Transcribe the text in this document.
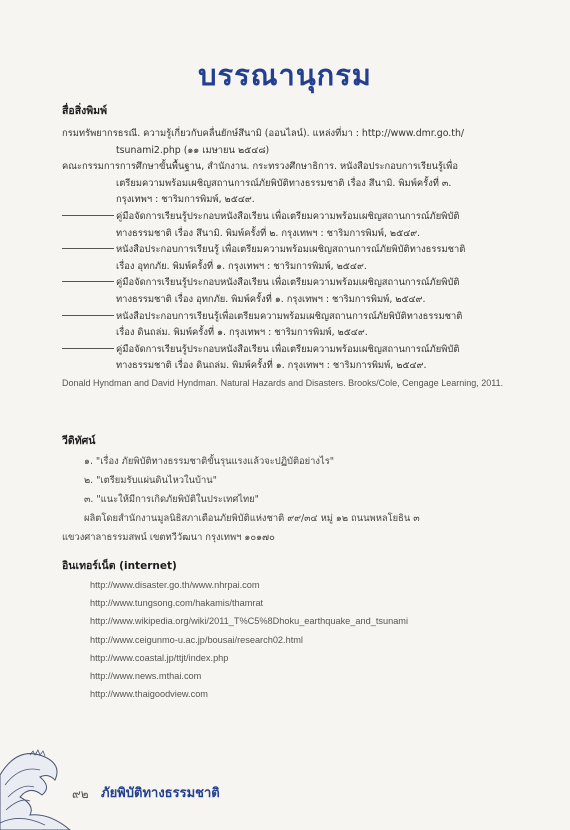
บรรณานุกรม
สื่อสิ่งพิมพ์
กรมทรัพยากรธรณี. ความรู้เกี่ยวกับคลื่นยักษ์สึนามิ (ออนไลน์). แหล่งที่มา : http://www.dmr.go.th/
tsunami2.php (๑๑ เมษายน ๒๕๔๘)
คณะกรรมการการศึกษาขั้นพื้นฐาน, สำนักงาน. กระทรวงศึกษาธิการ. หนังสือประกอบการเรียนรู้เพื่อ
เตรียมความพร้อมเผชิญสถานการณ์ภัยพิบัติทางธรรมชาติ เรื่อง สึนามิ. พิมพ์ครั้งที่ ๓.
กรุงเทพฯ : ชาริมการพิมพ์, ๒๕๔๙.
คู่มือจัดการเรียนรู้ประกอบหนังสือเรียน เพื่อเตรียมความพร้อมเผชิญสถานการณ์ภัยพิบัติ
ทางธรรมชาติ เรื่อง สึนามิ. พิมพ์ครั้งที่ ๒. กรุงเทพฯ : ชาริมการพิมพ์, ๒๕๔๙.
หนังสือประกอบการเรียนรู้ เพื่อเตรียมความพร้อมเผชิญสถานการณ์ภัยพิบัติทางธรรมชาติ
เรื่อง อุทกภัย. พิมพ์ครั้งที่ ๑. กรุงเทพฯ : ชาริมการพิมพ์, ๒๕๔๙.
คู่มือจัดการเรียนรู้ประกอบหนังสือเรียน เพื่อเตรียมความพร้อมเผชิญสถานการณ์ภัยพิบัติ
ทางธรรมชาติ เรื่อง อุทกภัย. พิมพ์ครั้งที่ ๑. กรุงเทพฯ : ชาริมการพิมพ์, ๒๕๔๙.
หนังสือประกอบการเรียนรู้เพื่อเตรียมความพร้อมเผชิญสถานการณ์ภัยพิบัติทางธรรมชาติ
เรื่อง ดินถล่ม. พิมพ์ครั้งที่ ๑. กรุงเทพฯ : ชาริมการพิมพ์, ๒๕๔๙.
คู่มือจัดการเรียนรู้ประกอบหนังสือเรียน เพื่อเตรียมความพร้อมเผชิญสถานการณ์ภัยพิบัติ
ทางธรรมชาติ เรื่อง ดินถล่ม. พิมพ์ครั้งที่ ๑. กรุงเทพฯ : ชาริมการพิมพ์, ๒๕๔๙.
Donald Hyndman and David Hyndman. Natural Hazards and Disasters. Brooks/Cole, Cengage Learning, 2011.
วีดิทัศน์
๑. "เรื่อง ภัยพิบัติทางธรรมชาติขั้นรุนแรงแล้วจะปฏิบัติอย่างไร"
๒. "เตรียมรับแผ่นดินไหวในบ้าน"
๓. "แนะให้มีการเกิดภัยพิบัติในประเทศไทย"
ผลิตโดยสำนักงานมูลนิธิสภาเตือนภัยพิบัติแห่งชาติ ๙๙/๓๔ หมู่ ๑๒ ถนนพหลโยธิน ๓
แขวงศาลาธรรมสพน์ เขตทวีวัฒนา กรุงเทพฯ ๑๐๑๗๐
อินเทอร์เน็ต (internet)
http://www.disaster.go.th/www.nhrpai.com
http://www.tungsong.com/hakamis/thamrat
http://www.wikipedia.org/wiki/2011_T%C5%8Dhoku_earthquake_and_tsunami
http://www.ceigunmo-u.ac.jp/bousai/research02.html
http://www.coastal.jp/ttjt/index.php
http://www.news.mthai.com
http://www.thaigoodview.com
๙๒ ภัยพิบัติทางธรรมชาติ
